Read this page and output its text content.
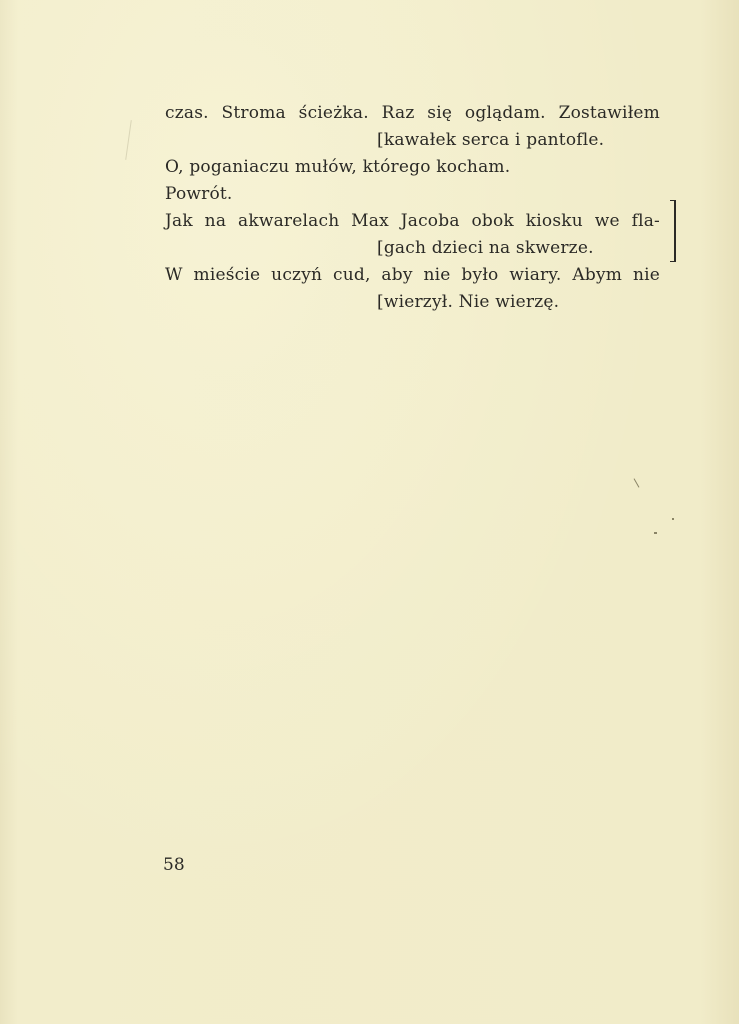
czas. Stroma ścieżka. Raz się oglądam. Zostawiłem
[kawałek serca i pantofle.
O, poganiaczu mułów, którego kocham.
Powrót.
Jak na akwarelach Max Jacoba obok kiosku we fla-
[gach dzieci na skwerze.
W mieście uczyń cud, aby nie było wiary. Abym nie
[wierzył. Nie wierzę.
58
